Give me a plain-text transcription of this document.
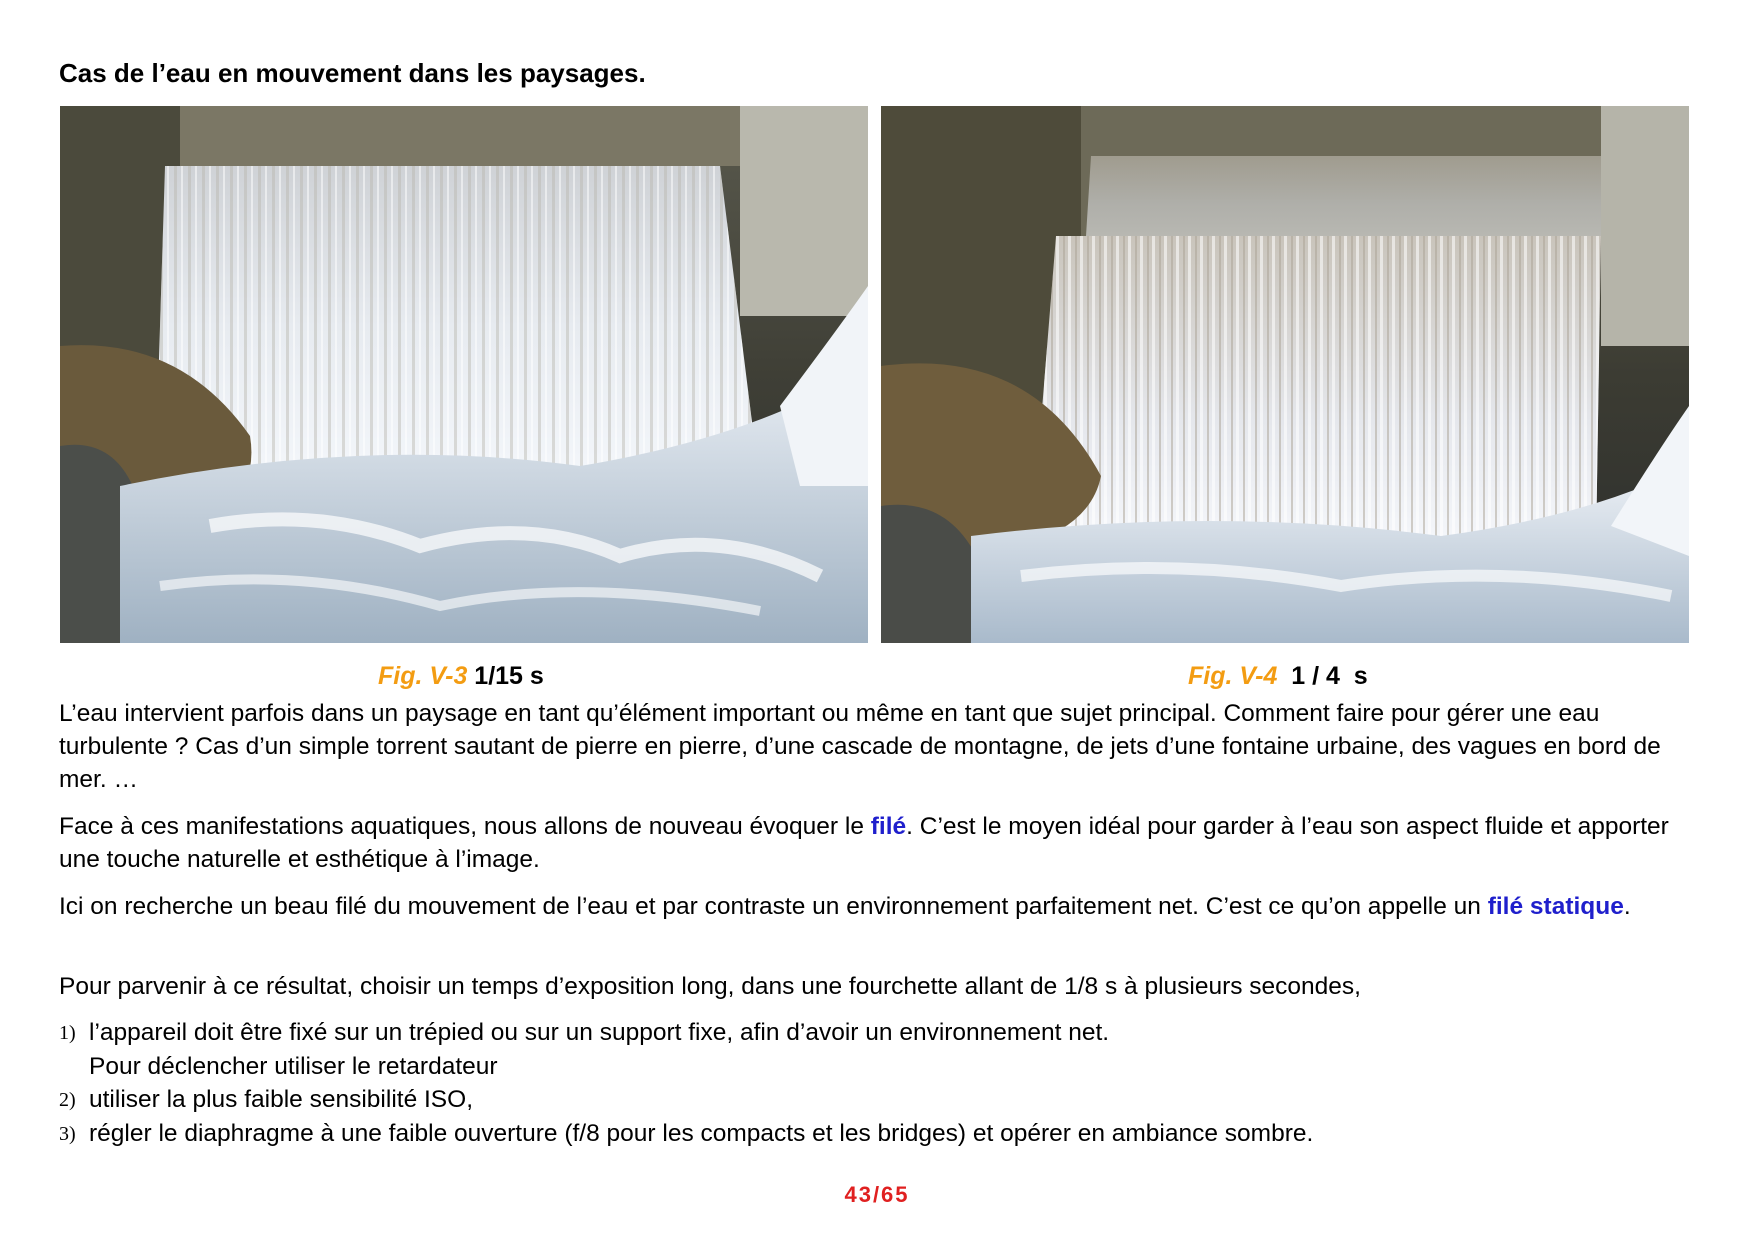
Cas de l’eau en mouvement dans les paysages.
Fig. V-3 1/15 s	Fig. V-4  1 / 4  s

L’eau intervient parfois dans un paysage en tant qu’élément important ou même en tant que sujet principal. Comment faire pour gérer une eau turbulente ? Cas d’un simple torrent sautant de pierre en pierre, d’une cascade de montagne, de jets d’une fontaine urbaine, des vagues en bord de mer. …

Face à ces manifestations aquatiques, nous allons de nouveau évoquer le filé. C’est le moyen idéal pour garder à l’eau son aspect fluide et apporter une touche naturelle et esthétique à l’image.

Ici on recherche un beau filé du mouvement de l’eau et par contraste un environnement parfaitement net. C’est ce qu’on appelle un filé statique.

Pour parvenir à ce résultat, choisir un temps d’exposition long, dans une fourchette allant de 1/8 s à plusieurs secondes,

1) l’appareil doit être fixé sur un trépied ou sur un support fixe, afin d’avoir un environnement net.
Pour déclencher utiliser le retardateur
2) utiliser la plus faible sensibilité ISO,
3) régler le diaphragme à une faible ouverture (f/8 pour les compacts et les bridges) et opérer en ambiance sombre.
43/65
